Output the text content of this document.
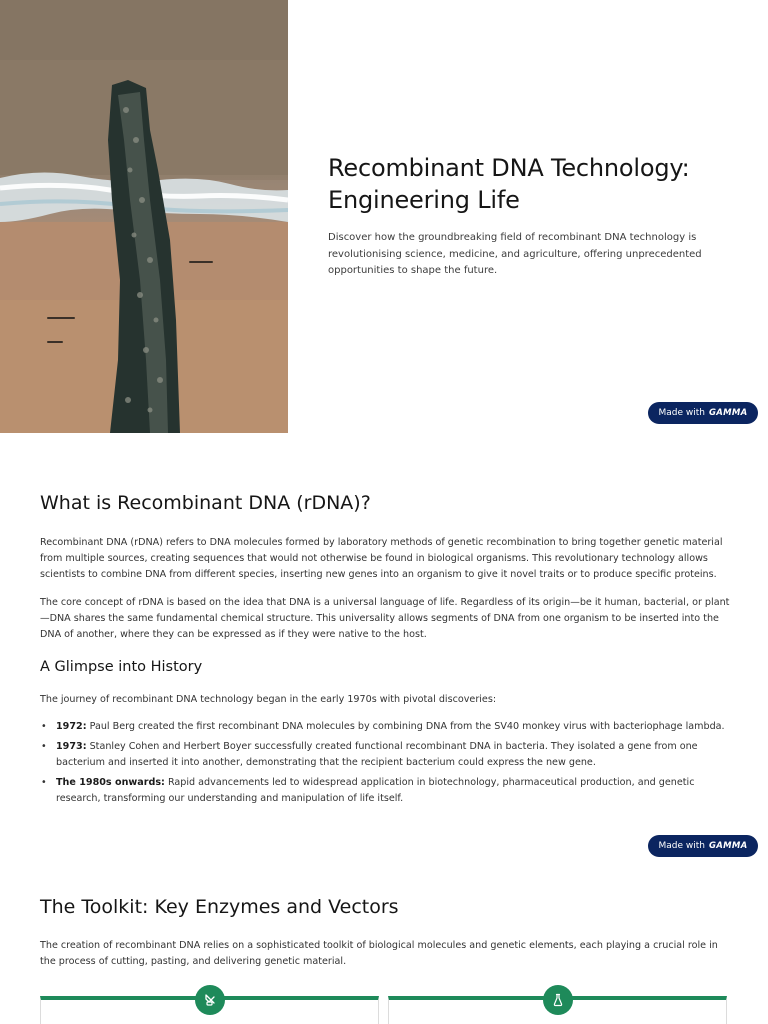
Recombinant DNA Technology: Engineering Life

Discover how the groundbreaking field of recombinant DNA technology is revolutionising science, medicine, and agriculture, offering unprecedented opportunities to shape the future.

Made with GAMMA
What is Recombinant DNA (rDNA)?

Recombinant DNA (rDNA) refers to DNA molecules formed by laboratory methods of genetic recombination to bring together genetic material from multiple sources, creating sequences that would not otherwise be found in biological organisms. This revolutionary technology allows scientists to combine DNA from different species, inserting new genes into an organism to give it novel traits or to produce specific proteins.

The core concept of rDNA is based on the idea that DNA is a universal language of life. Regardless of its origin—be it human, bacterial, or plant—DNA shares the same fundamental chemical structure. This universality allows segments of DNA from one organism to be inserted into the DNA of another, where they can be expressed as if they were native to the host.

A Glimpse into History

The journey of recombinant DNA technology began in the early 1970s with pivotal discoveries:

• 1972: Paul Berg created the first recombinant DNA molecules by combining DNA from the SV40 monkey virus with bacteriophage lambda.
• 1973: Stanley Cohen and Herbert Boyer successfully created functional recombinant DNA in bacteria. They isolated a gene from one bacterium and inserted it into another, demonstrating that the recipient bacterium could express the new gene.
• The 1980s onwards: Rapid advancements led to widespread application in biotechnology, pharmaceutical production, and genetic research, transforming our understanding and manipulation of life itself.
Made with GAMMA
The Toolkit: Key Enzymes and Vectors

The creation of recombinant DNA relies on a sophisticated toolkit of biological molecules and genetic elements, each playing a crucial role in the process of cutting, pasting, and delivering genetic material.
